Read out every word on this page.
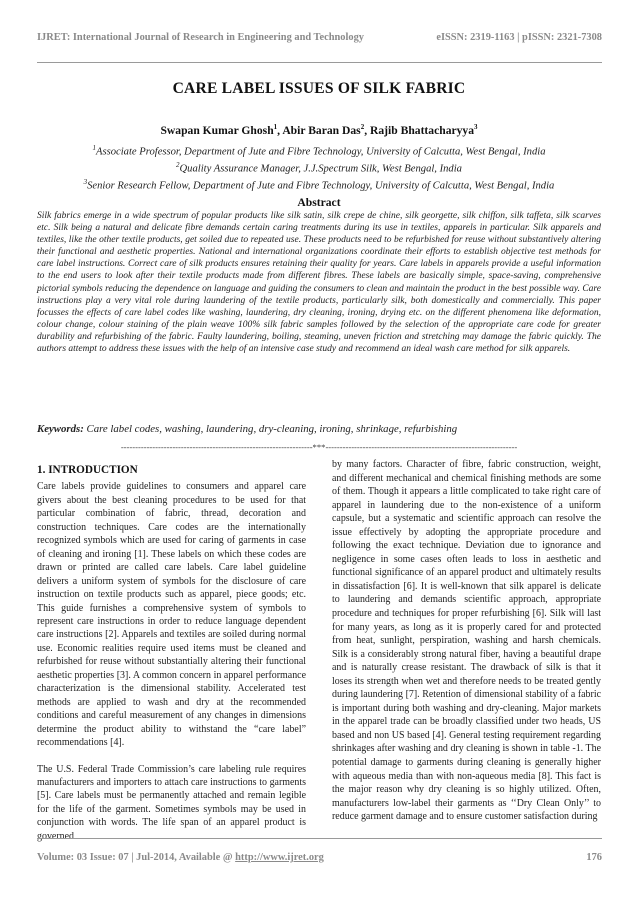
IJRET: International Journal of Research in Engineering and Technology	eISSN: 2319-1163 | pISSN: 2321-7308
CARE LABEL ISSUES OF SILK FABRIC
Swapan Kumar Ghosh$^1$, Abir Baran Das$^2$, Rajib Bhattacharyya$^3$
$^1$Associate Professor, Department of Jute and Fibre Technology, University of Calcutta, West Bengal, India
$^2$Quality Assurance Manager, J.J.Spectrum Silk, West Bengal, India
$^3$Senior Research Fellow, Department of Jute and Fibre Technology, University of Calcutta, West Bengal, India
Abstract
Silk fabrics emerge in a wide spectrum of popular products like silk satin, silk crepe de chine, silk georgette, silk chiffon, silk taffeta, silk scarves etc. Silk being a natural and delicate fibre demands certain caring treatments during its use in textiles, apparels in particular. Silk apparels and textiles, like the other textile products, get soiled due to repeated use. These products need to be refurbished for reuse without substantively altering their functional and aesthetic properties. National and international organizations coordinate their efforts to establish objective test methods for care label instructions. Correct care of silk products ensures retaining their quality for years. Care labels in apparels provide a useful information to the end users to look after their textile products made from different fibres. These labels are basically simple, space-saving, comprehensive pictorial symbols reducing the dependence on language and guiding the consumers to clean and maintain the product in the best possible way. Care instructions play a very vital role during laundering of the textile products, particularly silk, both domestically and commercially. This paper focusses the effects of care label codes like washing, laundering, dry cleaning, ironing, drying etc. on the different phenomena like deformation, colour change, colour staining of the plain weave 100% silk fabric samples followed by the selection of the appropriate care code for greater durability and refurbishing of the fabric. Faulty laundering, boiling, steaming, uneven friction and stretching may damage the fabric quickly. The authors attempt to address these issues with the help of an intensive case study and recommend an ideal wash care method for silk apparels.
Keywords: Care label codes, washing, laundering, dry-cleaning, ironing, shrinkage, refurbishing
-------------------------------------------------------------------***-------------------------------------------------------------------
1. INTRODUCTION

Care labels provide guidelines to consumers and apparel care givers about the best cleaning procedures to be used for that particular combination of fabric, thread, decoration and construction techniques. Care codes are the internationally recognized symbols which are used for caring of garments in case of cleaning and ironing [1]. These labels on which these codes are drawn or printed are called care labels. Care label guideline delivers a uniform system of symbols for the disclosure of care instruction on textile products such as apparel, piece goods; etc. This guide furnishes a comprehensive system of symbols to represent care instructions in order to reduce language dependent care instructions [2]. Apparels and textiles are soiled during normal use. Economic realities require used items must be cleaned and refurbished for reuse without substantially altering their functional aesthetic properties [3]. A common concern in apparel performance characterization is the dimensional stability. Accelerated test methods are applied to wash and dry at the recommended conditions and careful measurement of any changes in dimensions determine the product ability to withstand the “care label” recommendations [4].

The U.S. Federal Trade Commission’s care labeling rule requires manufacturers and importers to attach care instructions to garments [5]. Care labels must be permanently attached and remain legible for the life of the garment. Sometimes symbols may be used in conjunction with words. The life span of an apparel product is governed

by many factors. Character of fibre, fabric construction, weight, and different mechanical and chemical finishing methods are some of them. Though it appears a little complicated to take right care of apparel in laundering due to the non-existence of a uniform capsule, but a systematic and scientific approach can resolve the issue effectively by adopting the appropriate procedure and following the exact technique. Deviation due to ignorance and negligence in some cases often leads to loss in aesthetic and functional significance of an apparel product and ultimately results in dissatisfaction [6]. It is well-known that silk apparel is delicate to laundering and demands scientific approach, appropriate procedure and techniques for proper refurbishing [6]. Silk will last for many years, as long as it is properly cared for and protected from heat, sunlight, perspiration, washing and harsh chemicals. Silk is a considerably strong natural fiber, having a beautiful drape and is naturally crease resistant. The drawback of silk is that it loses its strength when wet and therefore needs to be treated gently during laundering [7]. Retention of dimensional stability of a fabric is important during both washing and dry-cleaning. Major markets in the apparel trade can be broadly classified under two heads, US based and non US based [4]. General testing requirement regarding shrinkages after washing and dry cleaning is shown in table -1. The potential damage to garments during cleaning is generally higher with aqueous media than with non-aqueous media [8]. This fact is the major reason why dry cleaning is so highly utilized. Often, manufacturers low-label their garments as ‘‘Dry Clean Only’’ to reduce garment damage and to ensure customer satisfaction during

Volume: 03 Issue: 07 | Jul-2014, Available @ http://www.ijret.org	176
